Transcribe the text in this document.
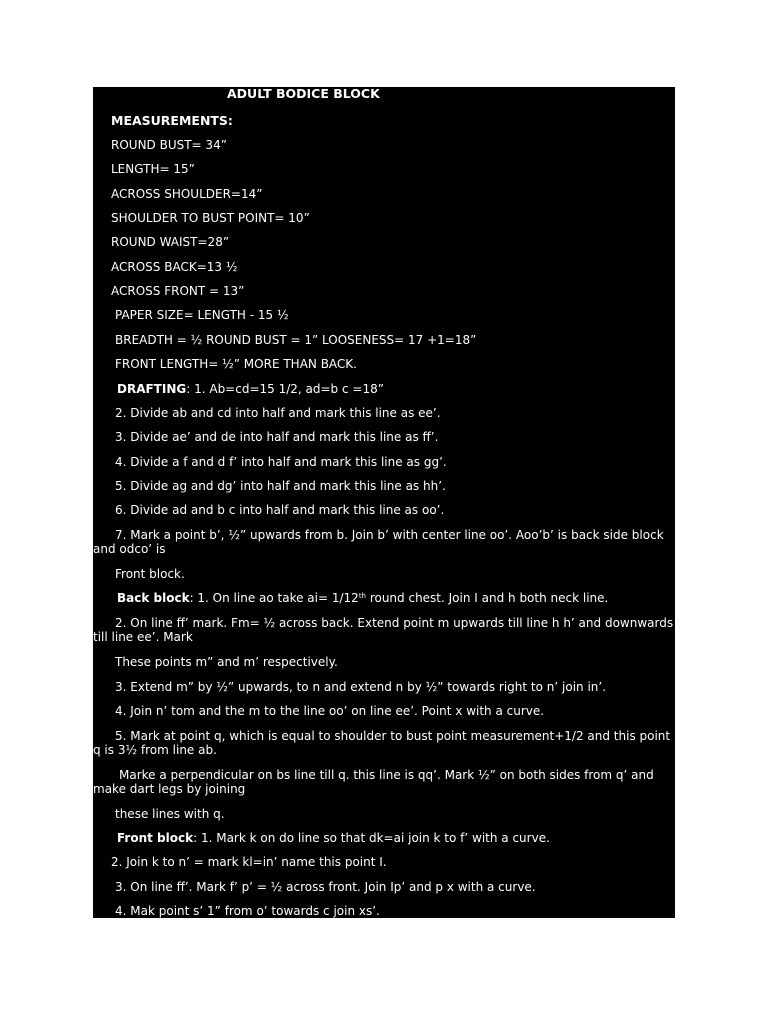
ADULT BODICE BLOCK
MEASUREMENTS:
ROUND BUST= 34”
LENGTH= 15”
ACROSS SHOULDER=14”
SHOULDER TO BUST POINT= 10”
ROUND WAIST=28”
ACROSS BACK=13 ½
ACROSS FRONT = 13”
PAPER SIZE= LENGTH - 15 ½
BREADTH = ½ ROUND BUST = 1” LOOSENESS= 17 +1=18”
FRONT LENGTH= ½” MORE THAN BACK.
DRAFTING: 1. Ab=cd=15 1/2, ad=b c =18”
2. Divide ab and cd into half and mark this line as ee’.
3. Divide ae’ and de into half and mark this line as ff’.
4. Divide a f and d f’ into half and mark this line as gg’.
5. Divide ag and dg’ into half and mark this line as hh’.
6. Divide ad and b c into half and mark this line as oo’.
7. Mark a point b’, ½” upwards from b. Join b’ with center line oo’. Aoo’b’ is back side block and odco’ is
Front block.
Back block: 1. On line ao take ai= 1/12th round chest. Join I and h both neck line.
2. On line ff’ mark. Fm= ½ across back. Extend point m upwards till line h h’ and downwards till line ee’. Mark
These points m” and m’ respectively.
3. Extend m” by ½” upwards, to n and extend n by ½” towards right to n’ join in’.
4. Join n’ tom and the m to the line oo’ on line ee’. Point x with a curve.
5. Mark at point q, which is equal to shoulder to bust point measurement+1/2 and this point q is 3½ from line ab.
Marke a perpendicular on bs line till q. this line is qq’. Mark ½” on both sides from q’ and make dart legs by joining
these lines with q.
Front block: 1. Mark k on do line so that dk=ai join k to f’ with a curve.
2. Join k to n’ = mark kl=in’ name this point I.
3. On line ff’. Mark f’ p’ = ½ across front. Join Ip’ and p x with a curve.
4. Mak point s’ 1” from o’ towards c join xs’.
